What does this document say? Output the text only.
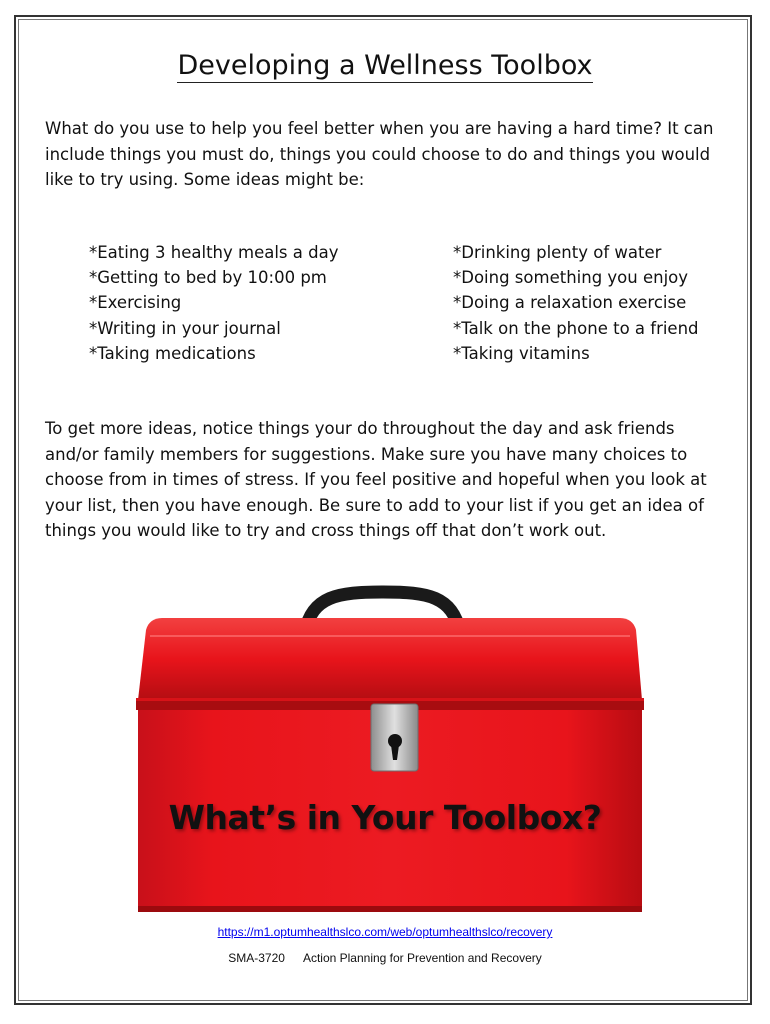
Developing a Wellness Toolbox

What do you use to help you feel better when you are having a hard time? It can include things you must do, things you could choose to do and things you would like to try using. Some ideas might be:

*Eating 3 healthy meals a day
*Getting to bed by 10:00 pm
*Exercising
*Writing in your journal
*Taking medications
*Drinking plenty of water
*Doing something you enjoy
*Doing a relaxation exercise
*Talk on the phone to a friend
*Taking vitamins

To get more ideas, notice things your do throughout the day and ask friends and/or family members for suggestions. Make sure you have many choices to choose from in times of stress. If you feel positive and hopeful when you look at your list, then you have enough. Be sure to add to your list if you get an idea of things you would like to try and cross things off that don’t work out.

What’s in Your Toolbox?
https://m1.optumhealthslco.com/web/optumhealthslco/recovery
SMA-3720 Action Planning for Prevention and Recovery
